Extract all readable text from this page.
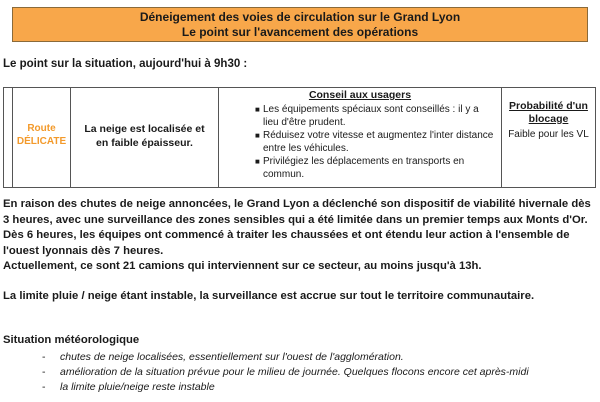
Déneigement des voies de circulation sur le Grand Lyon
Le point sur l'avancement des opérations
Le point sur la situation, aujourd'hui à 9h30 :
Route
DÉLICATE
La neige est localisée et en faible épaisseur.
Conseil aux usagers
■ Les équipements spéciaux sont conseillés : il y a lieu d'être prudent.
■ Réduisez votre vitesse et augmentez l'inter distance entre les véhicules.
■ Privilégiez les déplacements en transports en commun.
Probabilité d'un blocage
Faible pour les VL

En raison des chutes de neige annoncées, le Grand Lyon a déclenché son dispositif de viabilité hivernale dès 3 heures, avec une surveillance des zones sensibles qui a été limitée dans un premier temps aux Monts d'Or.

Dès 6 heures, les équipes ont commencé à traiter les chaussées et ont étendu leur action à l'ensemble de l'ouest lyonnais dès 7 heures.

Actuellement, ce sont 21 camions qui interviennent sur ce secteur, au moins jusqu'à 13h.

La limite pluie / neige étant instable, la surveillance est accrue sur tout le territoire communautaire.
Situation météorologique
- chutes de neige localisées, essentiellement sur l'ouest de l'agglomération.
- amélioration de la situation prévue pour le milieu de journée. Quelques flocons encore cet après-midi
- la limite pluie/neige reste instable
